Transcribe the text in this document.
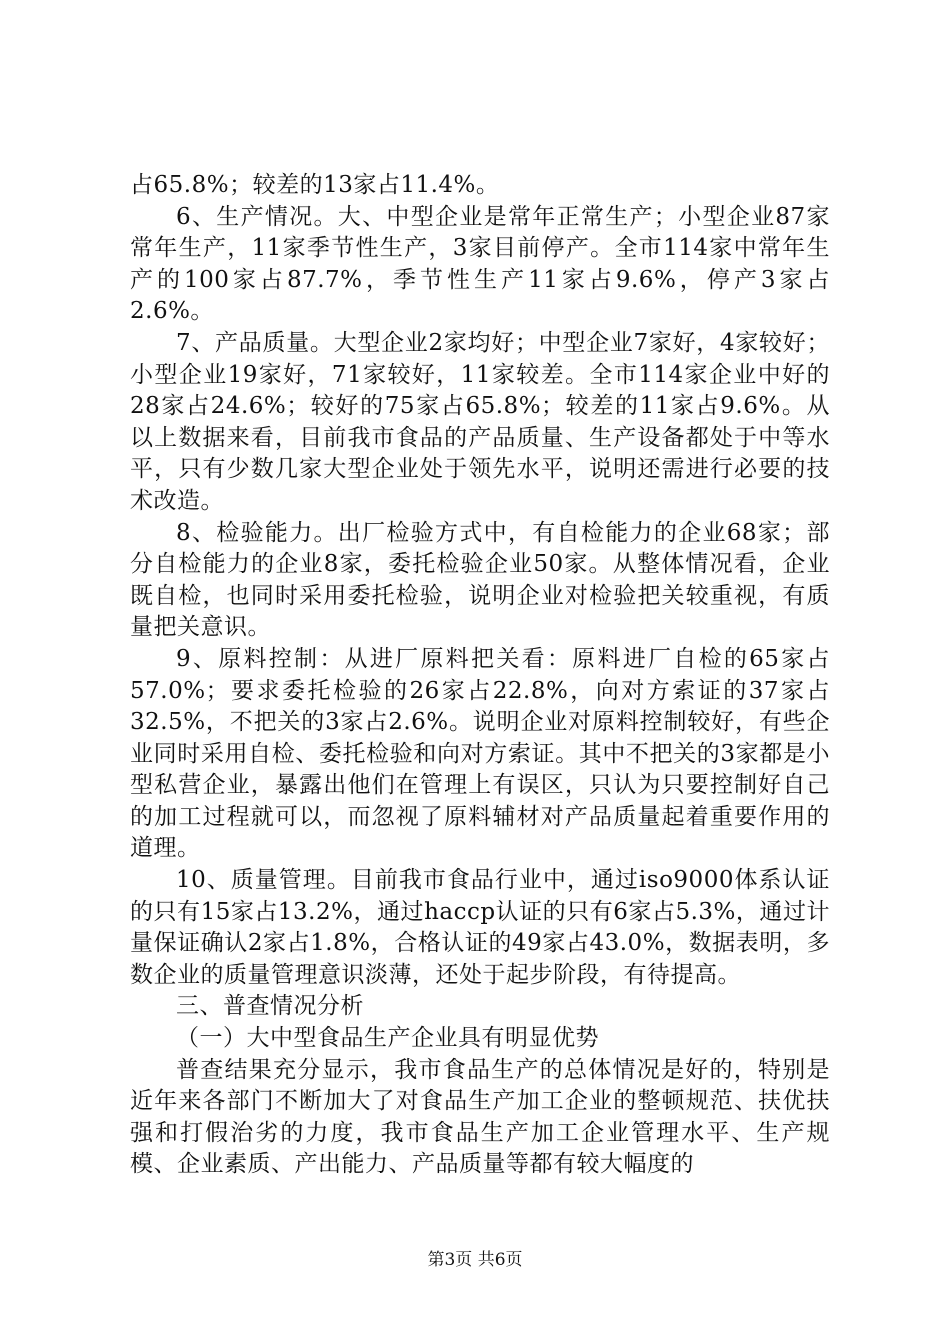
占65.8%；较差的13家占11.4%。

6、生产情况。大、中型企业是常年正常生产；小型企业87家常年生产，11家季节性生产，3家目前停产。全市114家中常年生产的100家占87.7%，季节性生产11家占9.6%，停产3家占2.6%。

7、产品质量。大型企业2家均好；中型企业7家好，4家较好；小型企业19家好，71家较好，11家较差。全市114家企业中好的28家占24.6%；较好的75家占65.8%；较差的11家占9.6%。从以上数据来看，目前我市食品的产品质量、生产设备都处于中等水平，只有少数几家大型企业处于领先水平，说明还需进行必要的技术改造。

8、检验能力。出厂检验方式中，有自检能力的企业68家；部分自检能力的企业8家，委托检验企业50家。从整体情况看，企业既自检，也同时采用委托检验，说明企业对检验把关较重视，有质量把关意识。

9、原料控制：从进厂原料把关看：原料进厂自检的65家占57.0%；要求委托检验的26家占22.8%，向对方索证的37家占32.5%，不把关的3家占2.6%。说明企业对原料控制较好，有些企业同时采用自检、委托检验和向对方索证。其中不把关的3家都是小型私营企业，暴露出他们在管理上有误区，只认为只要控制好自己的加工过程就可以，而忽视了原料辅材对产品质量起着重要作用的道理。

10、质量管理。目前我市食品行业中，通过iso9000体系认证的只有15家占13.2%，通过haccp认证的只有6家占5.3%，通过计量保证确认2家占1.8%，合格认证的49家占43.0%，数据表明，多数企业的质量管理意识淡薄，还处于起步阶段，有待提高。

三、普查情况分析

（一）大中型食品生产企业具有明显优势

普查结果充分显示，我市食品生产的总体情况是好的，特别是近年来各部门不断加大了对食品生产加工企业的整顿规范、扶优扶强和打假治劣的力度，我市食品生产加工企业管理水平、生产规模、企业素质、产出能力、产品质量等都有较大幅度的

第3页 共6页
